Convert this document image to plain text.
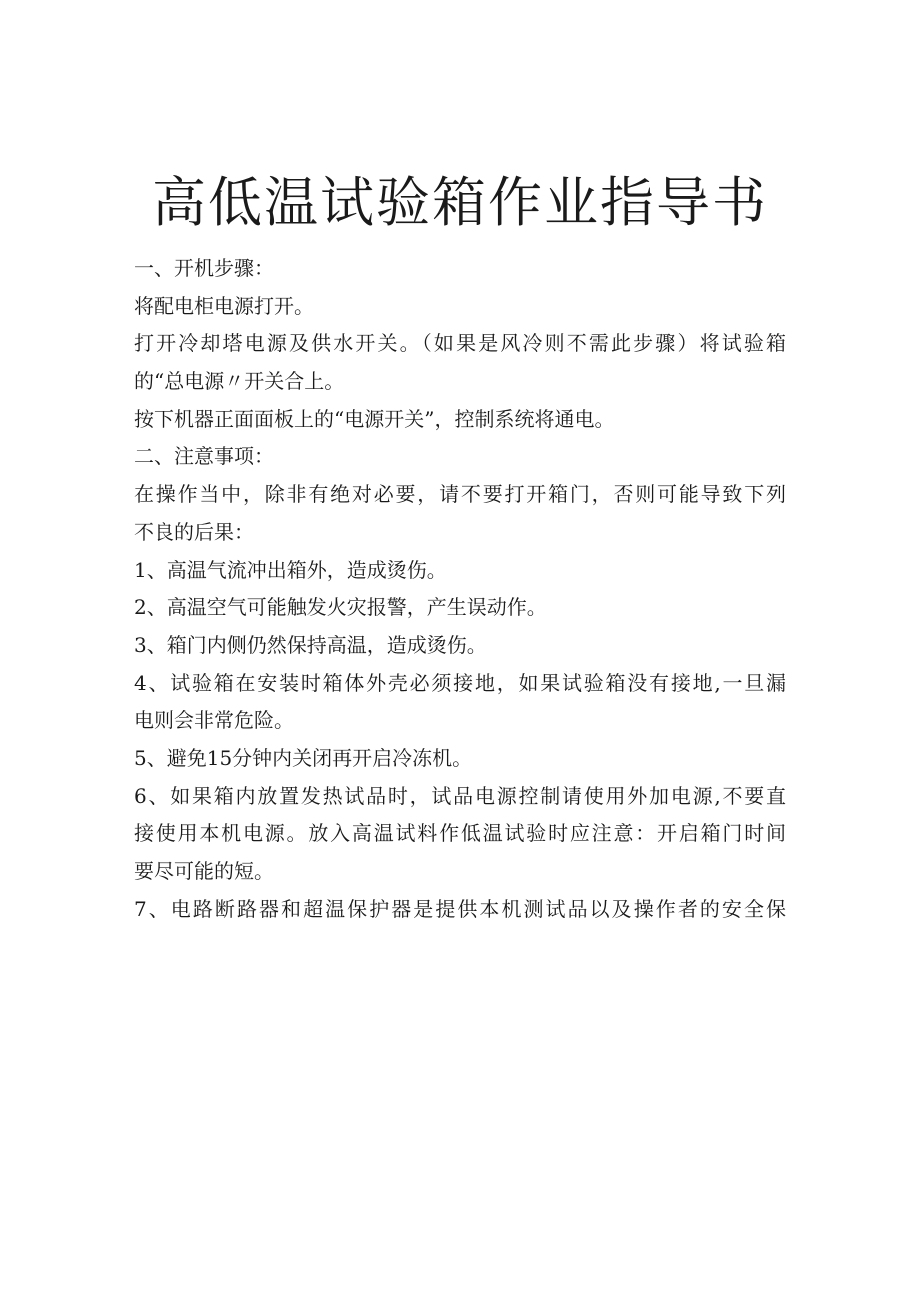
高低温试验箱作业指导书
一、开机步骤：
将配电柜电源打开。
打开冷却塔电源及供水开关。（如果是风冷则不需此步骤）将试验箱
的“总电源〃开关合上。
按下机器正面面板上的“电源开关”，控制系统将通电。
二、注意事项：
在操作当中，除非有绝对必要，请不要打开箱门，否则可能导致下列
不良的后果：
1、高温气流冲出箱外，造成烫伤。
2、高温空气可能触发火灾报警，产生误动作。
3、箱门内侧仍然保持高温，造成烫伤。
4、试验箱在安装时箱体外壳必须接地，如果试验箱没有接地,一旦漏
电则会非常危险。
5、避免15分钟内关闭再开启冷冻机。
6、如果箱内放置发热试品时，试品电源控制请使用外加电源,不要直
接使用本机电源。放入高温试料作低温试验时应注意：开启箱门时间
要尽可能的短。
7、电路断路器和超温保护器是提供本机测试品以及操作者的安全保
